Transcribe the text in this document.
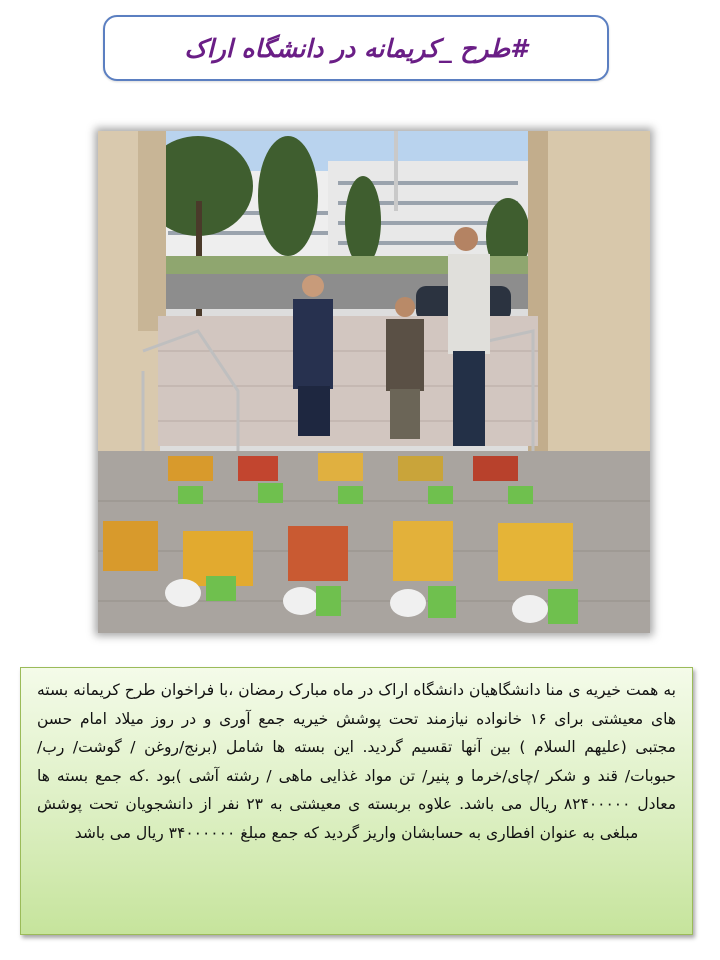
#طرح _کریمانه در دانشگاه اراک

به همت خیریه ی منا دانشگاهیان دانشگاه اراک در ماه مبارک رمضان ،با فراخوان طرح کریمانه بسته های معیشتی برای ۱۶ خانواده نیازمند تحت پوشش خیریه جمع آوری و در روز میلاد امام حسن مجتبی (علیهم السلام ) بین آنها تقسیم گردید. این بسته ها شامل (برنج/روغن / گوشت/ رب/ حبوبات/ قند و شکر /چای/خرما و پنیر/ تن مواد غذایی ماهی / رشته آشی )بود .که جمع بسته ها معادل ۸۲۴۰۰۰۰۰ ریال می باشد. علاوه بربسته ی معیشتی به ۲۳ نفر از دانشجویان تحت پوشش مبلغی به عنوان افطاری به حسابشان واریز گردید که جمع مبلغ ۳۴۰۰۰۰۰۰ ریال می باشد
